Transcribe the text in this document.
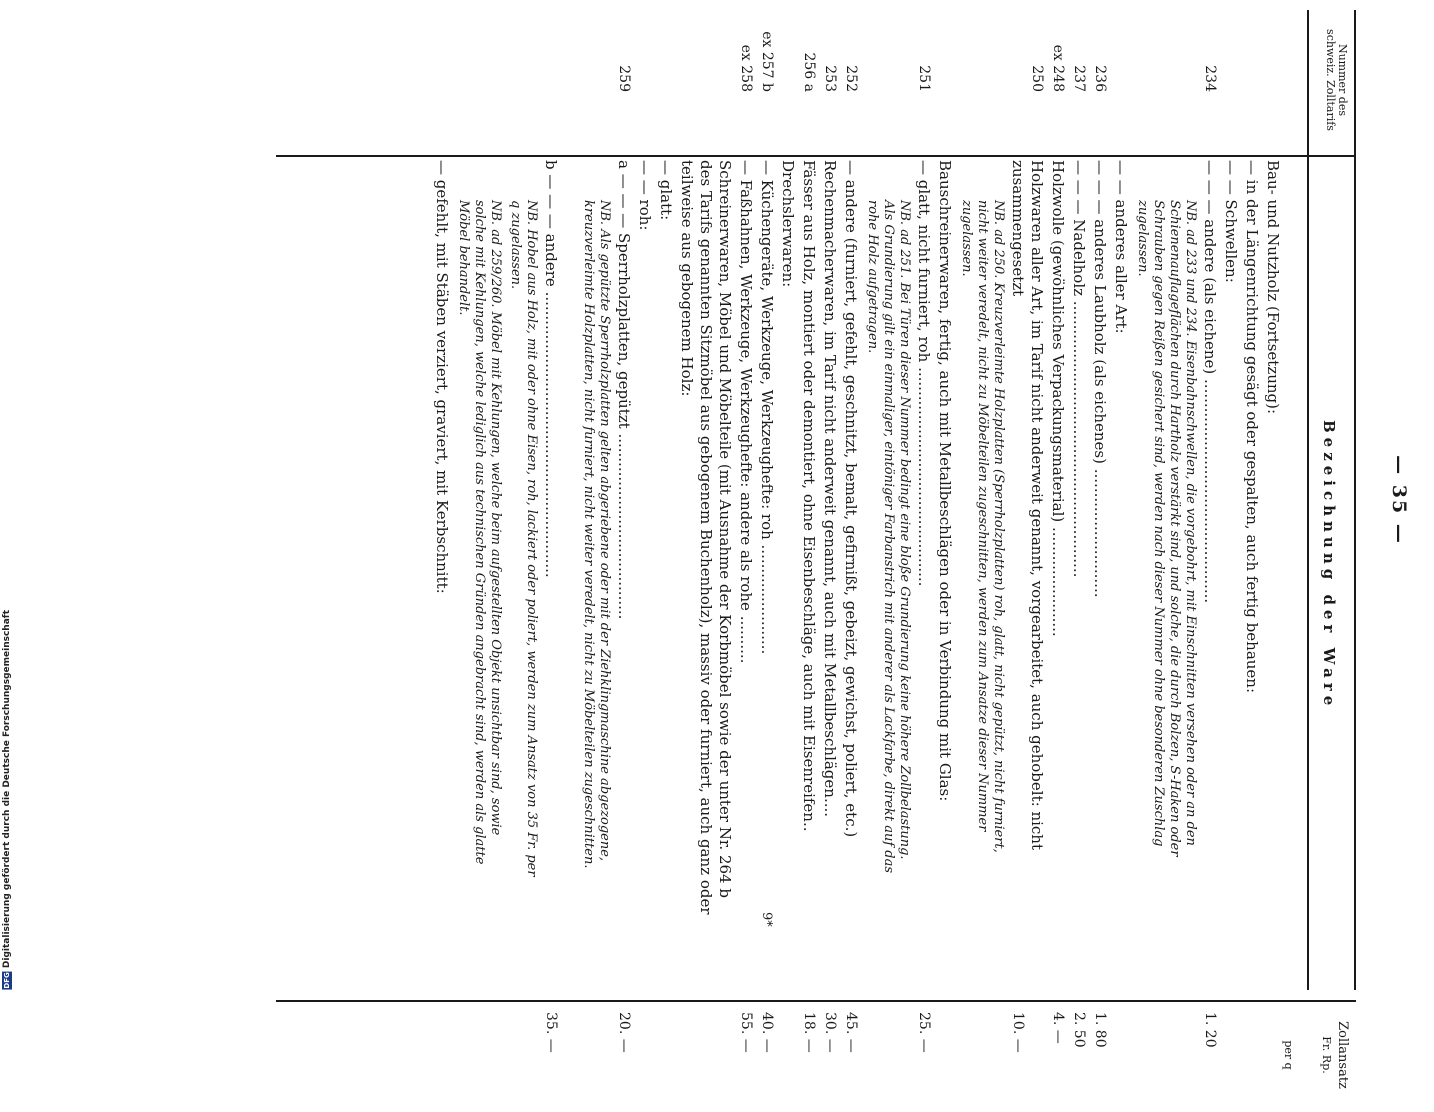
— 35 —
Nummer des schweiz. Zolltarifs
Bezeichnung der Ware
Zollansatz
Fr. Rp.
per q
Bau- und Nutzholz (Fortsetzung):
— in der Längenrichtung gesägt oder gespalten, auch fertig behauen:
— — Schwellen:
234
— — — andere (als eichene) ...............................................
1. 20
NB. ad 233 und 234. Eisenbahnschwellen, die vorgebohrt, mit Einschnitten versehen oder an den Schienenauflageflächen durch Hartholz verstärkt sind, und solche, die durch Bolzen, S-Haken oder Schrauben gegen Reißen gesichert sind, werden nach dieser Nummer ohne besonderen Zuschlag zugelassen.
— — anderes aller Art:
236
— — — anderes Laubholz (als eichenes) ...........................
1. 80
237
— — — Nadelholz ..........................................................
2. 50
ex 248
Holzwolle (gewöhnliches Verpackungsmaterial) .......................
4. —
250
Holzwaren aller Art, im Tarif nicht anderweit genannt, vorgearbeitet, auch gehobelt: nicht zusammengesetzt
10. —
NB. ad 250. Kreuzverleimte Holzplatten (Sperrholzplatten) roh, glatt, nicht gepützt, nicht furniert, nicht weiter veredelt, nicht zu Möbelteilen zugeschnitten, werden zum Ansatze dieser Nummer zugelassen.
Bauschreinerwaren, fertig, auch mit Metallbeschlägen oder in Verbindung mit Glas:
251
— glatt, nicht furniert, roh ..............................................
25. —
NB. ad 251. Bei Türen dieser Nummer bedingt eine bloße Grundierung keine höhere Zollbelastung. Als Grundierung gilt ein einmaliger, eintöniger Farbanstrich mit anderer als Lackfarbe, direkt auf das rohe Holz aufgetragen.
252
— andere (furniert, gefehlt, geschnitzt, bemalt, gefirnißt, gebeizt, gewichst, poliert, etc.)
45. —
253
Rechenmacherwaren, im Tarif nicht anderweit genannt, auch mit Metallbeschlägen....
30. —
256 a
Fässer aus Holz, montiert oder demontiert, ohne Eisenbeschläge, auch mit Eisenreifen..
18. —
Drechslerwaren:
ex 257 b
— Küchengeräte, Werkzeuge, Werkzeughefte: roh .......................
40. —
ex 258
— Faßhahnen, Werkzeuge, Werkzeughefte: andere als rohe ..........
55. —
Schreinerwaren, Möbel und Möbelteile (mit Ausnahme der Korbmöbel sowie der unter Nr. 264 b des Tarifs genannten Sitzmöbel aus gebogenem Buchenholz), massiv oder furniert, auch ganz oder teilweise aus gebogenem Holz:
— glatt:
— — roh:
259
a — — — Sperrholzplatten, gepützt .......................................
20. —
NB. Als gepützte Sperrholzplatten gelten abgeriebene oder mit der Ziehklingmaschine abgezogene, kreuzverleimte Holzplatten, nicht furniert, nicht weiter veredelt, nicht zu Möbelteilen zugeschnitten.
b — — — andere ............................................................
35. —
NB. Hobel aus Holz, mit oder ohne Eisen, roh, lackiert oder poliert, werden zum Ansatz von 35 Fr. per q zugelassen.
NB. ad 259/260. Möbel mit Kehlungen, welche beim aufgestellten Objekt unsichtbar sind, sowie solche mit Kehlungen, welche lediglich aus technischen Gründen angebracht sind, werden als glatte Möbel behandelt.
— gefehlt, mit Stäben verziert, graviert, mit Kerbschnitt:
9*
DFG Digitalisierung gefördert durch die Deutsche Forschungsgemeinschaft
